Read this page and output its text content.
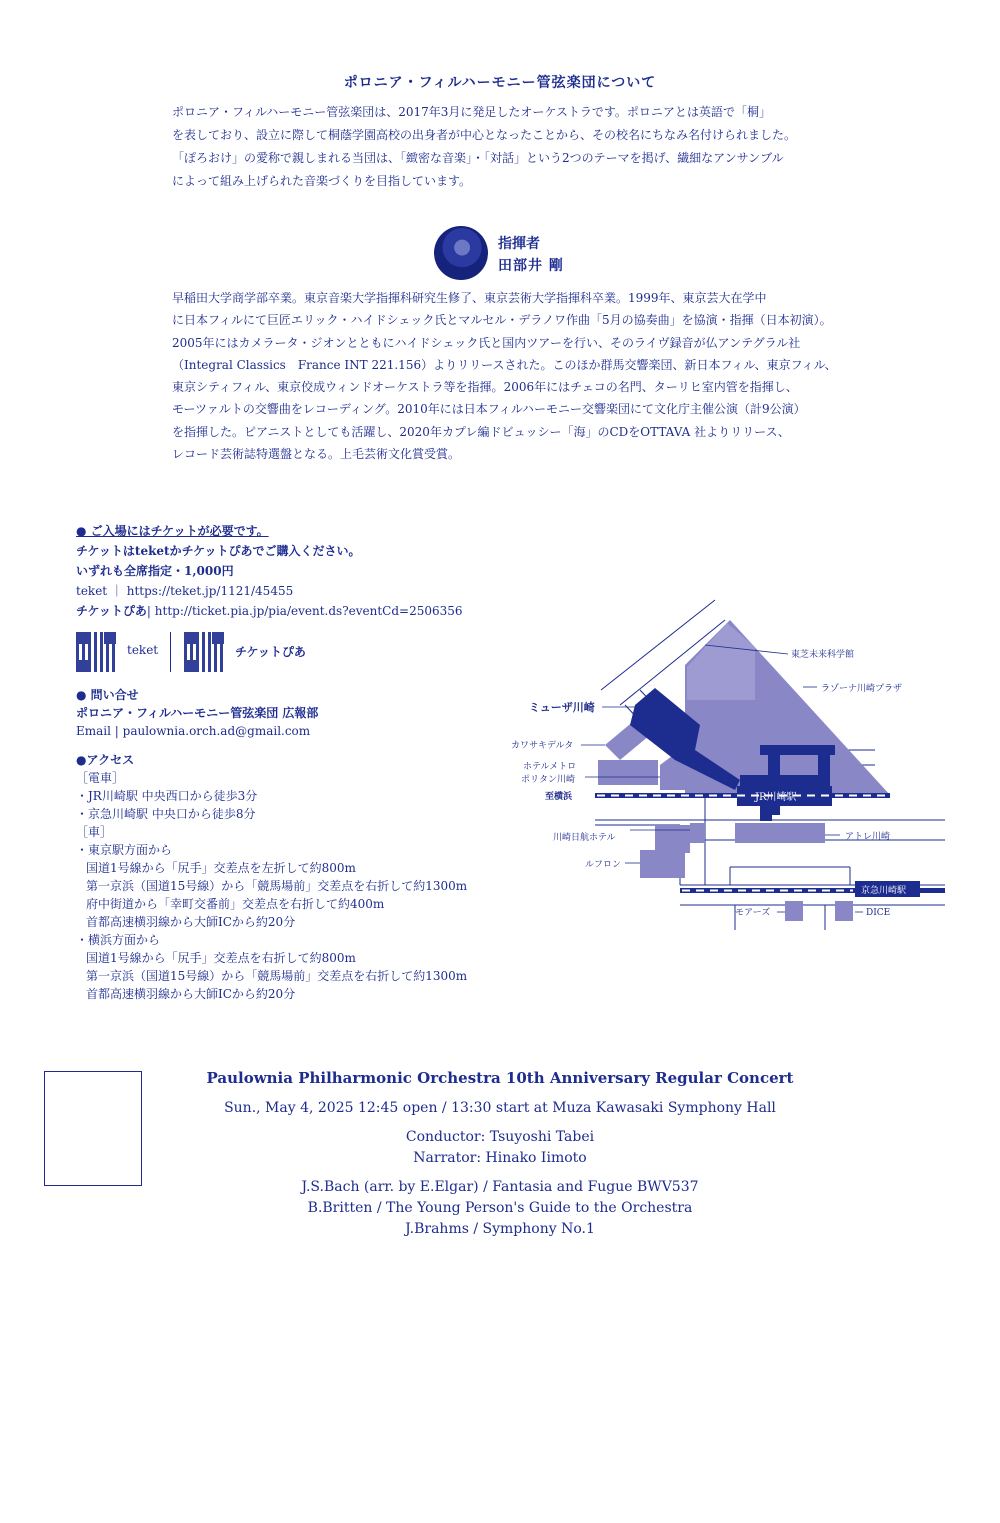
ポロニア・フィルハーモニー管弦楽団について

ポロニア・フィルハーモニー管弦楽団は、2017年3月に発足したオーケストラです。ポロニアとは英語で「桐」

を表しており、設立に際して桐蔭学園高校の出身者が中心となったことから、その校名にちなみ名付けられました。

「ぽろおけ」の愛称で親しまれる当団は、「緻密な音楽」・「対話」という2つのテーマを掲げ、繊細なアンサンブル

によって組み上げられた音楽づくりを目指しています。

指揮者
田部井 剛

早稲田大学商学部卒業。東京音楽大学指揮科研究生修了、東京芸術大学指揮科卒業。1999年、東京芸大在学中

に日本フィルにて巨匠エリック・ハイドシェック氏とマルセル・デラノワ作曲「5月の協奏曲」を協演・指揮（日本初演）。

2005年にはカメラータ・ジオンとともにハイドシェック氏と国内ツアーを行い、そのライヴ録音が仏アンテグラル社

（Integral Classics　France INT 221.156）よりリリースされた。このほか群馬交響楽団、新日本フィル、東京フィル、

東京シティフィル、東京佼成ウィンドオーケストラ等を指揮。2006年にはチェコの名門、ターリヒ室内管を指揮し、

モーツァルトの交響曲をレコーディング。2010年には日本フィルハーモニー交響楽団にて文化庁主催公演（計9公演）

を指揮した。ピアニストとしても活躍し、2020年カプレ編ドビュッシー「海」のCDをOTTAVA 社よりリリース、

レコード芸術誌特選盤となる。上毛芸術文化賞受賞。

● ご入場にはチケットが必要です。
チケットはteketかチケットぴあでご購入ください。
いずれも全席指定・1,000円
teket ｜ https://teket.jp/1121/45455
チケットぴあ| http://ticket.pia.jp/pia/event.ds?eventCd=2506356
teket	チケットぴあ
● 問い合せ
ポロニア・フィルハーモニー管弦楽団 広報部
Email | paulownia.orch.ad@gmail.com
●アクセス
［電車］
・JR川崎駅 中央西口から徒歩3分
・京急川崎駅 中央口から徒歩8分
［車］
・東京駅方面から
国道1号線から「尻手」交差点を左折して約800m
第一京浜（国道15号線）から「競馬場前」交差点を右折して約1300m
府中街道から「幸町交番前」交差点を右折して約400m
首都高速横羽線から大師ICから約20分
・横浜方面から
国道1号線から「尻手」交差点を右折して約800m
第一京浜（国道15号線）から「競馬場前」交差点を右折して約1300m
首都高速横羽線から大師ICから約20分
東芝未来科学館
ラゾーナ川崎プラザ
ミューザ川崎
カワサキデルタ
ホテルメトロ
ポリタン川崎
至横浜	JR川崎駅
川崎日航ホテル	アトレ川崎
ルフロン
京急川崎駅
モアーズ	DICE
Paulownia Philharmonic Orchestra 10th Anniversary Regular Concert
Sun., May 4, 2025 12:45 open / 13:30 start at Muza Kawasaki Symphony Hall
Conductor: Tsuyoshi Tabei
Narrator: Hinako Iimoto
J.S.Bach (arr. by E.Elgar) / Fantasia and Fugue BWV537
B.Britten / The Young Person's Guide to the Orchestra
J.Brahms / Symphony No.1
